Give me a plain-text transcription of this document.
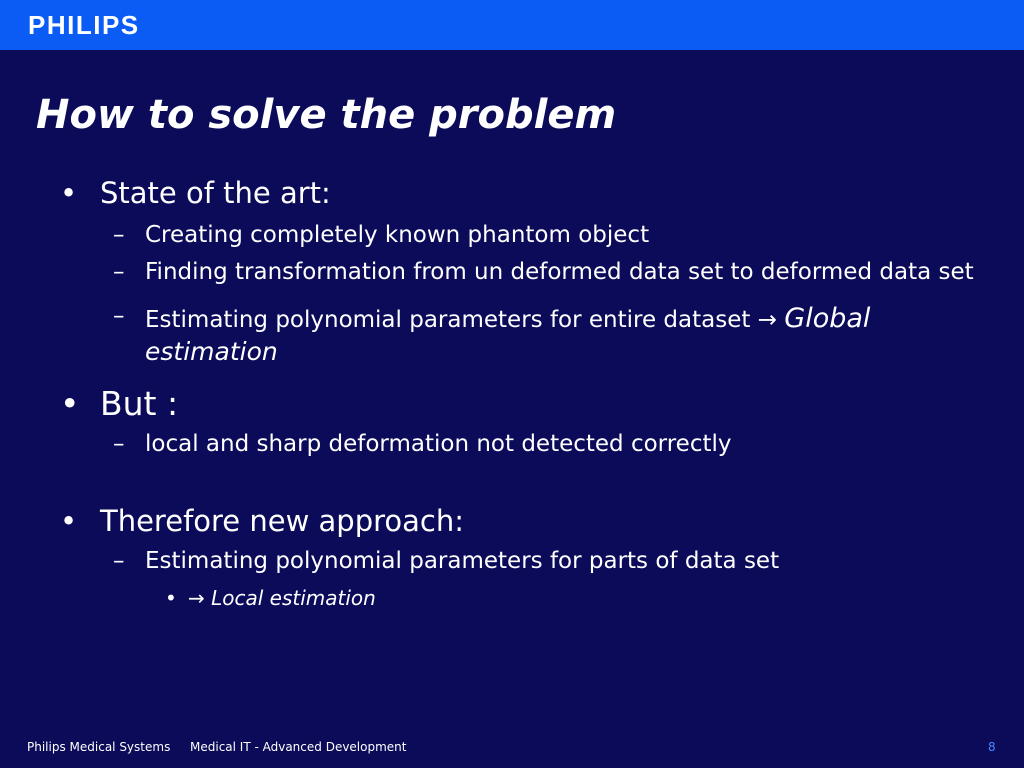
PHILIPS
How to solve the problem
• State of the art:
– Creating completely known phantom object
– Finding transformation from un deformed data set to deformed data set
– Estimating polynomial parameters for entire dataset → Global
estimation
• But :
– local and sharp deformation not detected correctly
• Therefore new approach:
– Estimating polynomial parameters for parts of data set
• → Local estimation
Philips Medical Systems Medical IT - Advanced Development	8
